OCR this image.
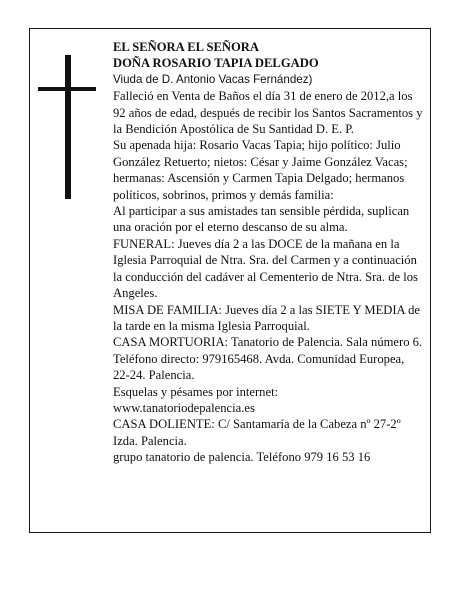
EL SEÑORA EL SEÑORA

DOÑA ROSARIO TAPIA DELGADO

Viuda de D. Antonio Vacas Fernández)

Falleció en Venta de Baños el día 31 de enero de 2012,a los 92 años de edad, después de recibir los Santos Sacramentos y la Bendición Apostólica de Su Santidad D. E. P.

Su apenada hija: Rosario Vacas Tapia; hijo político: Julio González Retuerto; nietos: César y Jaime González Vacas; hermanas: Ascensión y Carmen Tapia Delgado; hermanos políticos, sobrinos, primos y demás familia:

Al participar a sus amistades tan sensible pérdida, suplican una oración por el eterno descanso de su alma.

FUNERAL: Jueves día 2 a las DOCE de la mañana en la Iglesia Parroquial de Ntra. Sra. del Carmen y a continuación la conducción del cadáver al Cementerio de Ntra. Sra. de los Angeles.

MISA DE FAMILIA: Jueves día 2 a las SIETE Y MEDIA de la tarde en la misma Iglesia Parroquial.

CASA MORTUORIA: Tanatorio de Palencia. Sala número 6. Teléfono directo: 979165468. Avda. Comunidad Europea, 22-24. Palencia.

Esquelas y pésames por internet:

www.tanatoriodepalencia.es

CASA DOLIENTE: C/ Santamaría de la Cabeza nº 27-2º Izda. Palencia.

grupo tanatorio de palencia. Teléfono 979 16 53 16
